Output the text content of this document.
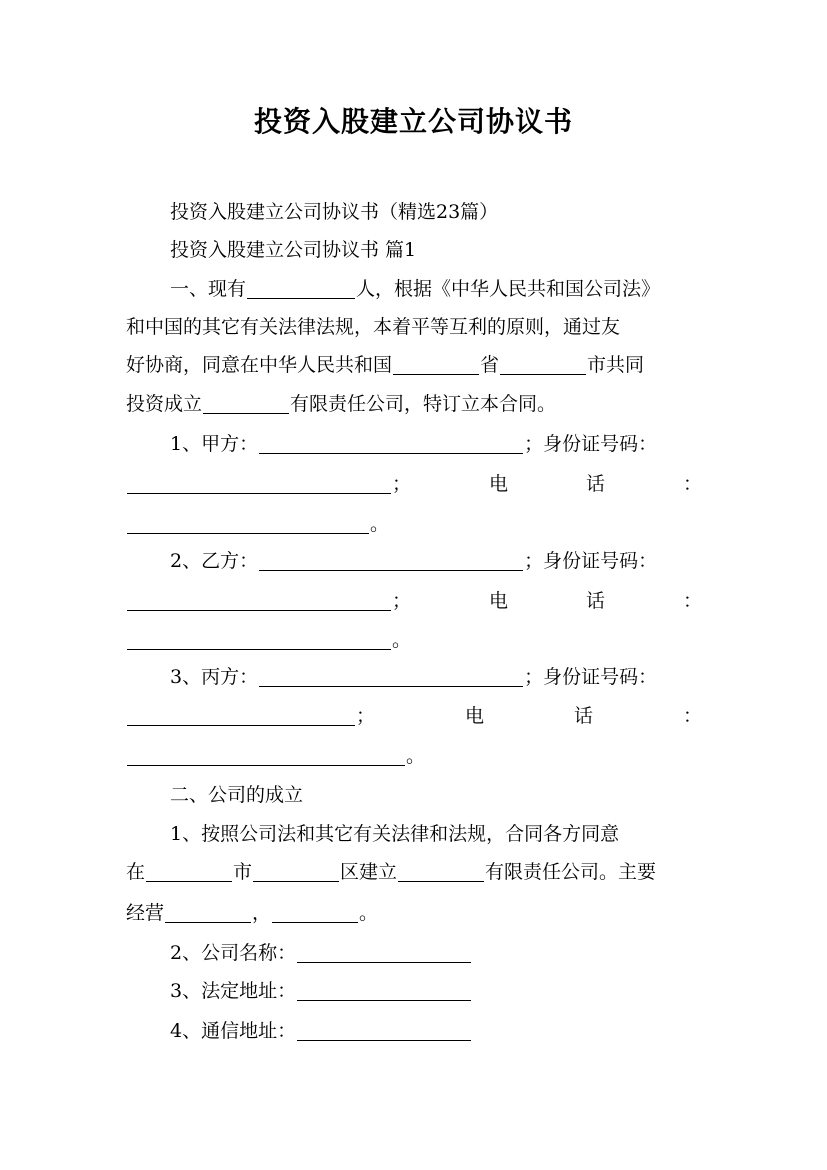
投资入股建立公司协议书
投资入股建立公司协议书（精选23篇）
投资入股建立公司协议书 篇1
一、现有	人，根据《中华人民共和国公司法》
和中国的其它有关法律法规，本着平等互利的原则，通过友
好协商，同意在中华人民共和国	省	市共同
投资成立	有限责任公司，特订立本合同。
1、甲方：	；身份证号码：
；	电	话	：
。
2、乙方：	；身份证号码：
；	电	话	：
。
3、丙方：	；身份证号码：
；	电	话	：
。
二、公司的成立
1、按照公司法和其它有关法律和法规，合同各方同意
在	市	区建立	有限责任公司。主要
经营	，	。
2、公司名称：
3、法定地址：
4、通信地址：
